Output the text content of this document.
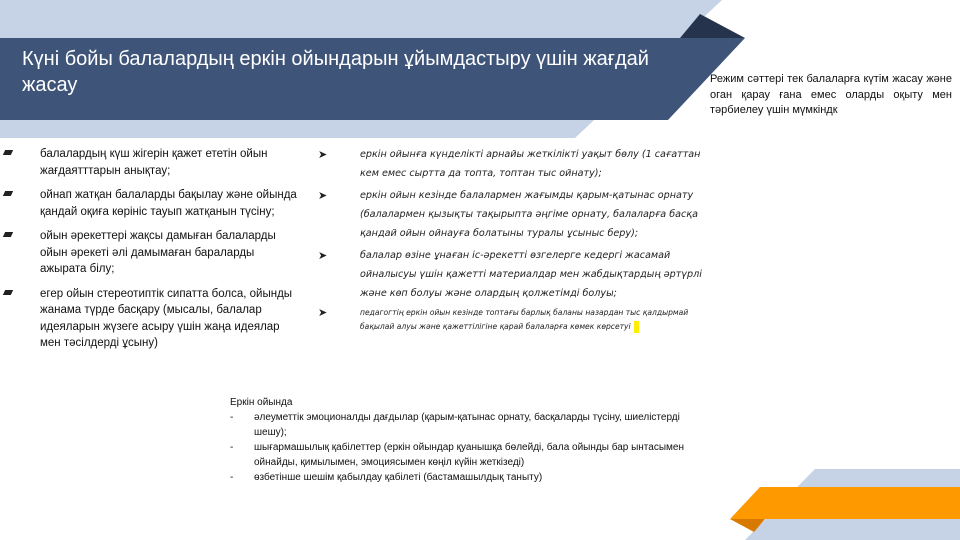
Күні бойы балалардың еркін ойындарын ұйымдастыру үшін жағдай жасау	Режим сәттері тек балаларға күтім жасау және оган қарау ғана емес оларды оқыту мен тәрбиелеу үшін мүмкіндк
балалардың күш жігерін қажет ететін ойын жағдаятттарын анықтау;
ойнап жатқан балаларды бақылау және ойында қандай оқиға көрініс тауып жатқанын түсіну;
ойын әрекеттері жақсы дамыған балаларды ойын әрекеті әлі дамымаған бараларды ажырата білу;
егер ойын стереотиптік сипатта болса, ойынды жанама түрде басқару (мысалы, балалар идеяларын жүзеге асыру үшін жаңа идеялар мен тәсілдерді ұсыну)
➤	еркін ойынға күнделікті арнайы жеткілікті уақыт бөлу (1 сағаттан кем емес сыртта да топта, топтан тыс ойнату);
➤	еркін ойын кезінде балалармен жағымды қарым-қатынас орнату (балалармен қызықты тақырыпта әңгіме орнату, балаларға басқа қандай ойын ойнауға болатыны туралы ұсыныс беру);
➤	балалар өзіне ұнаған іс-әрекетті өзгелерге кедергі жасамай ойналысуы үшін қажетті материалдар мен жабдықтардың әртүрлі және көп болуы және олардың қолжетімді болуы;
➤	педагогтің еркін ойын кезінде топтағы барлық баланы назардан тыс қалдырмай бақылай алуы және қажеттілігіне қарай балаларға көмек көрсетуі
Еркін ойында
- әлеуметтік эмоционалды дағдылар (қарым-қатынас орнату, басқаларды түсіну, шиелістерді шешу);
- шығармашылық қабілеттер (еркін ойындар қуанышқа бөлейді, бала ойынды бар ынтасымен ойнайды, қимылымен, эмоциясымен көңіл күйін жеткізеді)
- өзбетінше шешім қабылдау қабілеті (бастамашылдық таныту)
